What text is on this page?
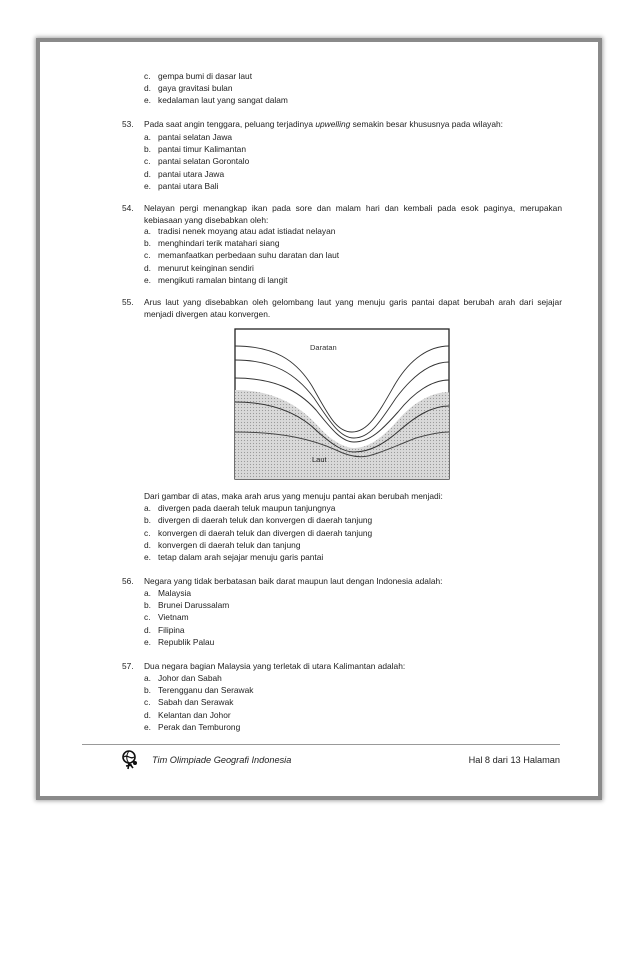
c. gempa bumi di dasar laut
d. gaya gravitasi bulan
e. kedalaman laut yang sangat dalam
53.	Pada saat angin tenggara, peluang terjadinya upwelling semakin besar khususnya pada wilayah:
a. pantai selatan Jawa
b. pantai timur Kalimantan
c. pantai selatan Gorontalo
d. pantai utara Jawa
e. pantai utara Bali
54.	Nelayan pergi menangkap ikan pada sore dan malam hari dan kembali pada esok paginya, merupakan kebiasaan yang disebabkan oleh:
a. tradisi nenek moyang atau adat istiadat nelayan
b. menghindari terik matahari siang
c. memanfaatkan perbedaan suhu daratan dan laut
d. menurut keinginan sendiri
e. mengikuti ramalan bintang di langit
55.	Arus laut yang disebabkan oleh gelombang laut yang menuju garis pantai dapat berubah arah dari sejajar menjadi divergen atau konvergen.
Daratan
Laut
Dari gambar di atas, maka arah arus yang menuju pantai akan berubah menjadi:
a. divergen pada daerah teluk maupun tanjungnya
b. divergen di daerah teluk dan konvergen di daerah tanjung
c. konvergen di daerah teluk dan divergen di daerah tanjung
d. konvergen di daerah teluk dan tanjung
e. tetap dalam arah sejajar menuju garis pantai
56.	Negara yang tidak berbatasan baik darat maupun laut dengan Indonesia adalah:
a. Malaysia
b. Brunei Darussalam
c. Vietnam
d. Filipina
e. Republik Palau
57.	Dua negara bagian Malaysia yang terletak di utara Kalimantan adalah:
a. Johor dan Sabah
b. Terengganu dan Serawak
c. Sabah dan Serawak
d. Kelantan dan Johor
e. Perak dan Temburong
Tim Olimpiade Geografi Indonesia	Hal 8 dari 13 Halaman
